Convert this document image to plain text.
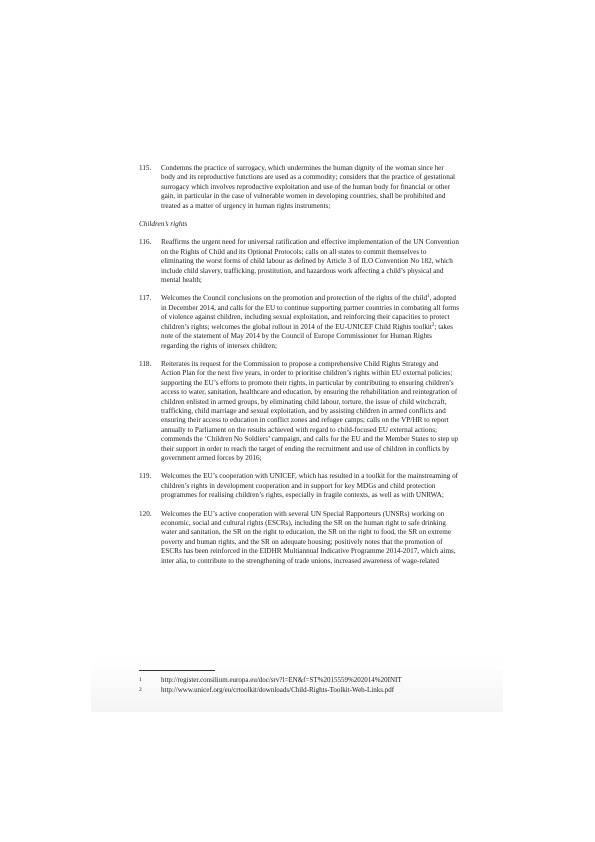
115.	Condemns the practice of surrogacy, which undermines the human dignity of the woman since her body and its reproductive functions are used as a commodity; considers that the practice of gestational surrogacy which involves reproductive exploitation and use of the human body for financial or other gain, in particular in the case of vulnerable women in developing countries, shall be prohibited and treated as a matter of urgency in human rights instruments;
Children’s rights
116.	Reaffirms the urgent need for universal ratification and effective implementation of the UN Convention on the Rights of Child and its Optional Protocols; calls on all states to commit themselves to eliminating the worst forms of child labour as defined by Article 3 of ILO Convention No 182, which include child slavery, trafficking, prostitution, and hazardous work affecting a child’s physical and mental health;
117.	Welcomes the Council conclusions on the promotion and protection of the rights of the child$^1$, adopted in December 2014, and calls for the EU to continue supporting partner countries in combating all forms of violence against children, including sexual exploitation, and reinforcing their capacities to protect children’s rights; welcomes the global rollout in 2014 of the EU-UNICEF Child Rights toolkit$^2$; takes note of the statement of May 2014 by the Council of Europe Commissioner for Human Rights regarding the rights of intersex children;
118.	Reiterates its request for the Commission to propose a comprehensive Child Rights Strategy and Action Plan for the next five years, in order to prioritise children’s rights within EU external policies; supporting the EU’s efforts to promote their rights, in particular by contributing to ensuring children’s access to water, sanitation, healthcare and education, by ensuring the rehabilitation and reintegration of children enlisted in armed groups, by eliminating child labour, torture, the issue of child witchcraft, trafficking, child marriage and sexual exploitation, and by assisting children in armed conflicts and ensuring their access to education in conflict zones and refugee camps; calls on the VP/HR to report annually to Parliament on the results achieved with regard to child-focused EU external actions; commends the ‘Children No Soldiers’ campaign, and calls for the EU and the Member States to step up their support in order to reach the target of ending the recruitment and use of children in conflicts by government armed forces by 2016;
119.	Welcomes the EU’s cooperation with UNICEF, which has resulted in a toolkit for the mainstreaming of children’s rights in development cooperation and in support for key MDGs and child protection programmes for realising children’s rights, especially in fragile contexts, as well as with UNRWA;
120.	Welcomes the EU’s active cooperation with several UN Special Rapporteurs (UNSRs) working on economic, social and cultural rights (ESCRs), including the SR on the human right to safe drinking water and sanitation, the SR on the right to education, the SR on the right to food, the SR on extreme poverty and human rights, and the SR on adequate housing; positively notes that the promotion of ESCRs has been reinforced in the EIDHR Multiannual Indicative Programme 2014-2017, which aims, inter alia, to contribute to the strengthening of trade unions, increased awareness of wage-related
1	http://register.consilium.europa.eu/doc/srv?l=EN&f=ST%2015559%202014%20INIT
2	http://www.unicef.org/eu/crtoolkit/downloads/Child-Rights-Toolkit-Web-Links.pdf
